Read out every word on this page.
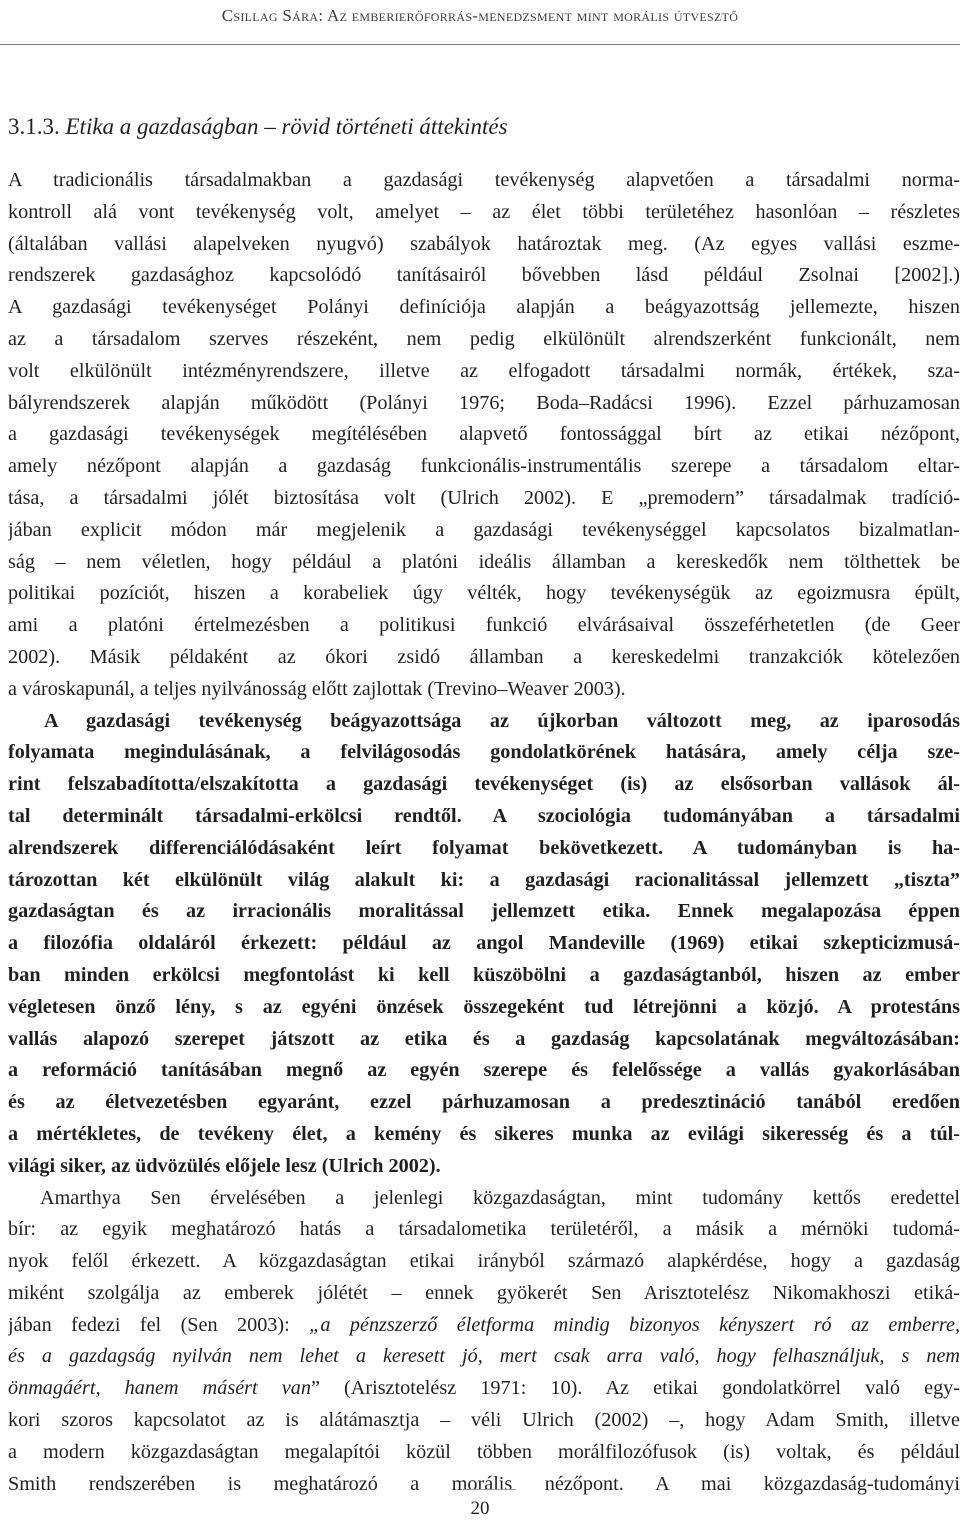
Csillag Sára: Az emberierőforrás-menedzsment mint morális útvesztő
3.1.3. Etika a gazdaságban – rövid történeti áttekintés
A tradicionális társadalmakban a gazdasági tevékenység alapvetően a társadalmi norma-
kontroll alá vont tevékenység volt, amelyet – az élet többi területéhez hasonlóan – részletes
(általában vallási alapelveken nyugvó) szabályok határoztak meg. (Az egyes vallási eszme-
rendszerek gazdasághoz kapcsolódó tanításairól bővebben lásd például Zsolnai [2002].)
A gazdasági tevékenységet Polányi definíciója alapján a beágyazottság jellemezte, hiszen
az a társadalom szerves részeként, nem pedig elkülönült alrendszerként funkcionált, nem
volt elkülönült intézményrendszere, illetve az elfogadott társadalmi normák, értékek, sza-
bályrendszerek alapján működött (Polányi 1976; Boda–Radácsi 1996). Ezzel párhuzamosan
a gazdasági tevékenységek megítélésében alapvető fontossággal bírt az etikai nézőpont,
amely nézőpont alapján a gazdaság funkcionális-instrumentális szerepe a társadalom eltar-
tása, a társadalmi jólét biztosítása volt (Ulrich 2002). E „premodern” társadalmak tradíció-
jában explicit módon már megjelenik a gazdasági tevékenységgel kapcsolatos bizalmatlan-
ság – nem véletlen, hogy például a platóni ideális államban a kereskedők nem tölthettek be
politikai pozíciót, hiszen a korabeliek úgy vélték, hogy tevékenységük az egoizmusra épült,
ami a platóni értelmezésben a politikusi funkció elvárásaival összeférhetetlen (de Geer
2002). Másik példaként az ókori zsidó államban a kereskedelmi tranzakciók kötelezően
a városkapunál, a teljes nyilvánosság előtt zajlottak (Trevino–Weaver 2003).
A gazdasági tevékenység beágyazottsága az újkorban változott meg, az iparosodás
folyamata megindulásának, a felvilágosodás gondolatkörének hatására, amely célja sze-
rint felszabadította/elszakította a gazdasági tevékenységet (is) az elsősorban vallások ál-
tal determinált társadalmi-erkölcsi rendtől. A szociológia tudományában a társadalmi
alrendszerek differenciálódásaként leírt folyamat bekövetkezett. A tudományban is ha-
tározottan két elkülönült világ alakult ki: a gazdasági racionalitással jellemzett „tiszta”
gazdaságtan és az irracionális moralitással jellemzett etika. Ennek megalapozása éppen
a filozófia oldaláról érkezett: például az angol Mandeville (1969) etikai szkepticizmusá-
ban minden erkölcsi megfontolást ki kell küszöbölni a gazdaságtanból, hiszen az ember
végletesen önző lény, s az egyéni önzések összegeként tud létrejönni a közjó. A protestáns
vallás alapozó szerepet játszott az etika és a gazdaság kapcsolatának megváltozásában:
a reformáció tanításában megnő az egyén szerepe és felelőssége a vallás gyakorlásában
és az életvezetésben egyaránt, ezzel párhuzamosan a predesztináció tanából eredően
a mértékletes, de tevékeny élet, a kemény és sikeres munka az evilági sikeresség és a túl-
világi siker, az üdvözülés előjele lesz (Ulrich 2002).
Amarthya Sen érvelésében a jelenlegi közgazdaságtan, mint tudomány kettős eredettel
bír: az egyik meghatározó hatás a társadalometika területéről, a másik a mérnöki tudomá-
nyok felől érkezett. A közgazdaságtan etikai irányból származó alapkérdése, hogy a gazdaság
miként szolgálja az emberek jólétét – ennek gyökerét Sen Arisztotelész Nikomakhoszi etiká-
jában fedezi fel (Sen 2003): „a pénzszerző életforma mindig bizonyos kényszert ró az emberre,
és a gazdagság nyilván nem lehet a keresett jó, mert csak arra való, hogy felhasználjuk, s nem
önmagáért, hanem másért van” (Arisztotelész 1971: 10). Az etikai gondolatkörrel való egy-
kori szoros kapcsolatot az is alátámasztja – véli Ulrich (2002) –, hogy Adam Smith, illetve
a modern közgazdaságtan megalapítói közül többen morálfilozófusok (is) voltak, és például
Smith rendszerében is meghatározó a morális nézőpont. A mai közgazdaság-tudományi
20
